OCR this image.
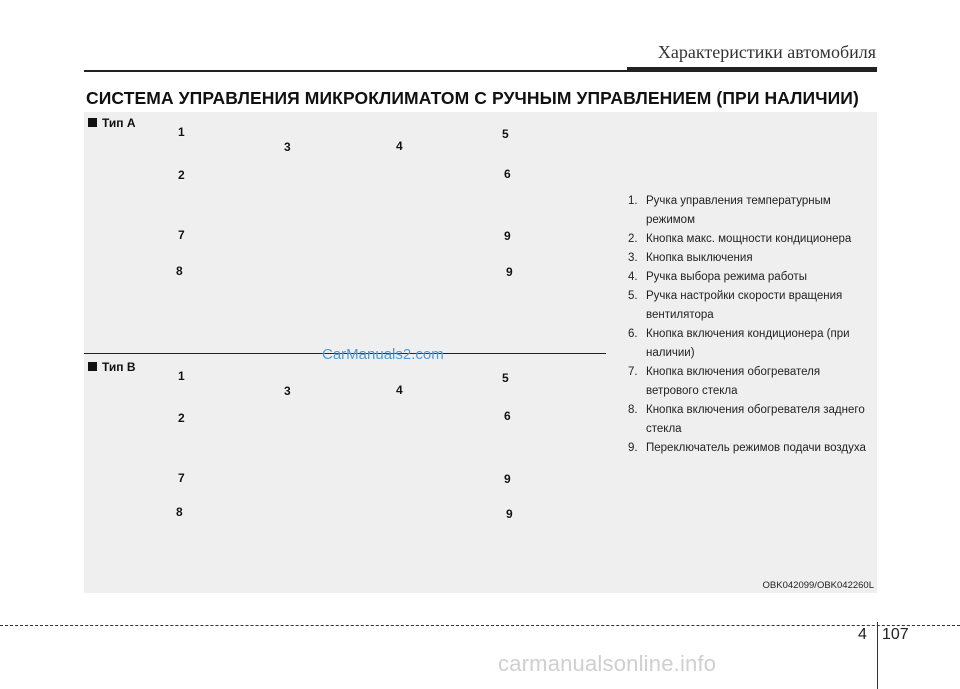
Характеристики автомобиля
СИСТЕМА УПРАВЛЕНИЯ МИКРОКЛИМАТОМ С РУЧНЫМ УПРАВЛЕНИЕМ (ПРИ НАЛИЧИИ)
Тип А
1
3	4
5
2	6
7	9
8	9
Тип В
1
3	4
5
2	6
7	9
8	9
CarManuals2.com
1. Ручка управления температурным режимом
2. Кнопка макс. мощности кондиционера
3. Кнопка выключения
4. Ручка выбора режима работы
5. Ручка настройки скорости вращения вентилятора
6. Кнопка включения кондиционера (при наличии)
7. Кнопка включения обогревателя ветрового стекла
8. Кнопка включения обогревателя заднего стекла
9. Переключатель режимов подачи воздуха
OBK042099/OBK042260L
4 107
carmanualsonline.info
